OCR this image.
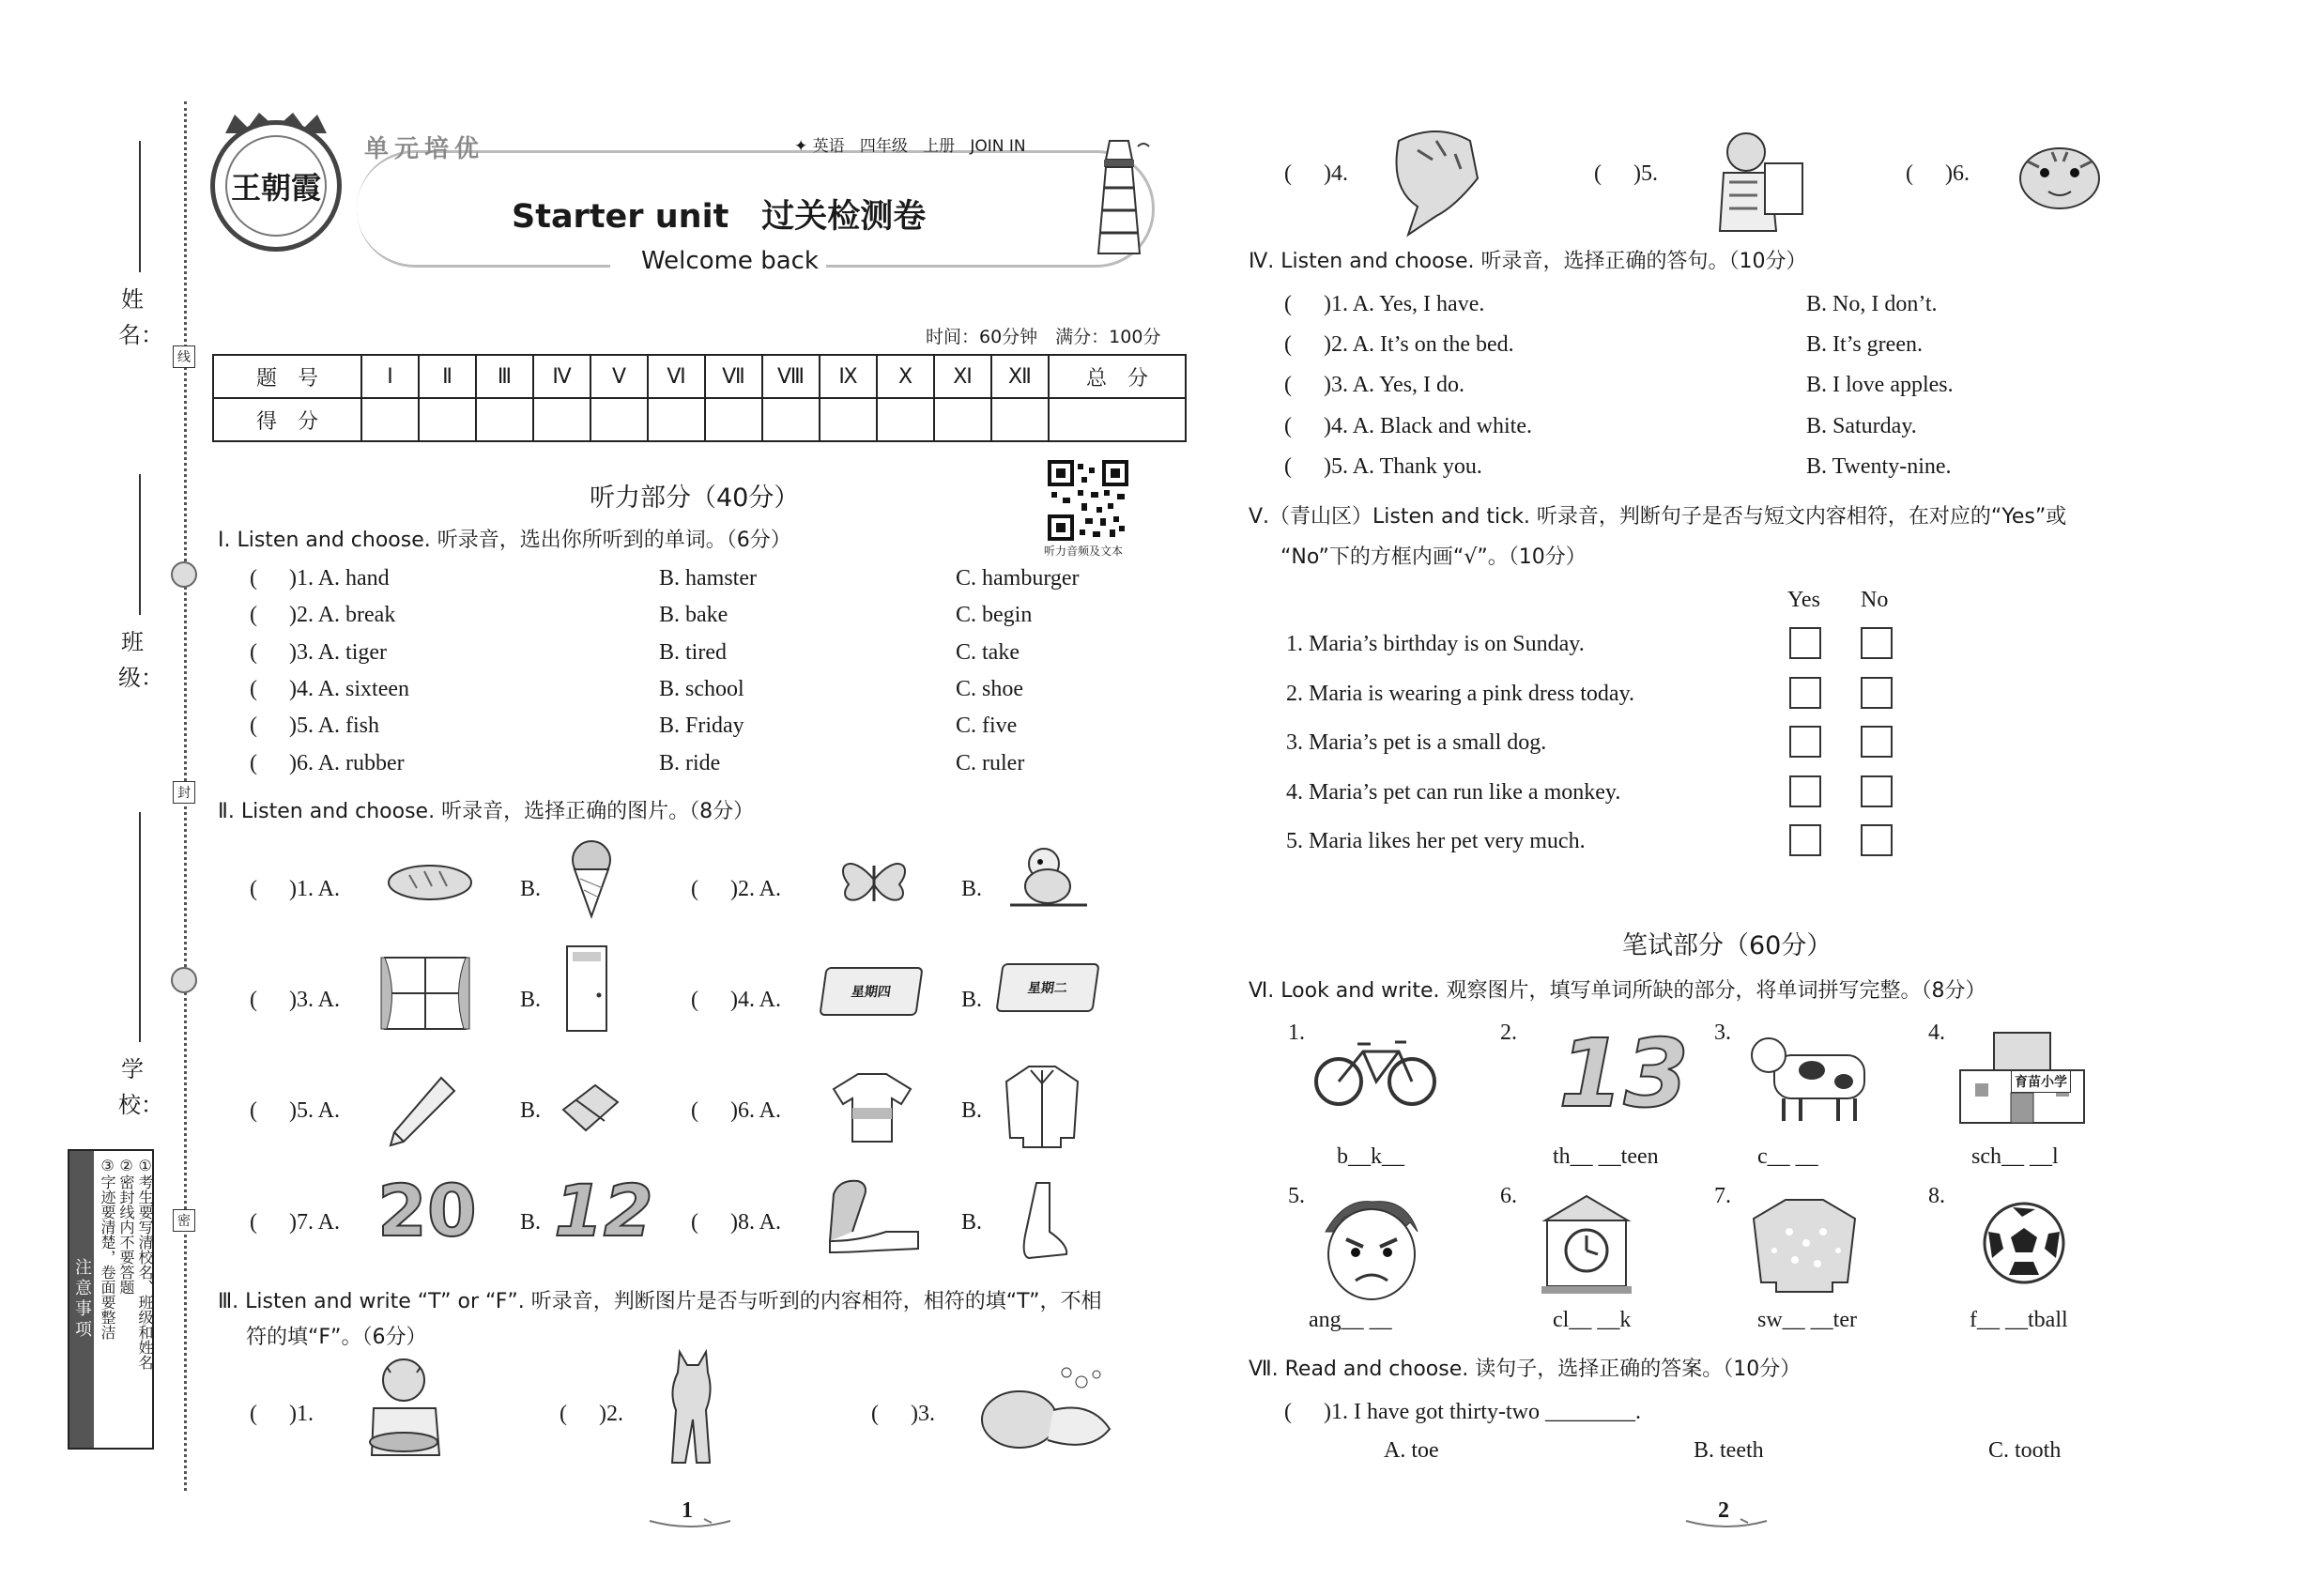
姓名：
班级：
学校：
线
封
密
注意事项	①考生要写清校名、班级和姓名
②密封线内不要答题
③字迹要清楚，卷面要整洁
王朝霞
单元培优	✦ 英语 四年级 上册 JOIN IN
Starter unit　过关检测卷
Welcome back
时间：60分钟　满分：100分
题　号	Ⅰ	Ⅱ	Ⅲ	Ⅳ	Ⅴ	Ⅵ	Ⅶ	Ⅷ	Ⅸ	Ⅹ	Ⅺ	Ⅻ	总　分
得　分													
听力部分（40分）
听力音频及文本
Ⅰ. Listen and choose. 听录音，选出你所听到的单词。（6分）
( )1. A. hand	B. hamster	C. hamburger
( )2. A. break	B. bake	C. begin
( )3. A. tiger	B. tired	C. take
( )4. A. sixteen	B. school	C. shoe
( )5. A. fish	B. Friday	C. five
( )6. A. rubber	B. ride	C. ruler
Ⅱ. Listen and choose. 听录音，选择正确的图片。（8分）
( )1. A.	B.	( )2. A.	B.
( )3. A.	B.	( )4. A.	星期四	B.	星期二
( )5. A.	B.	( )6. A.	B.
( )7. A. 20 B. 12 ( )8. A.	B.
Ⅲ. Listen and write “T” or “F”. 听录音，判断图片是否与听到的内容相符，相符的填“T”，不相
符的填“F”。（6分）
( )1.	( )2.	( )3.
( )4.	( )5.	( )6.
Ⅳ. Listen and choose. 听录音，选择正确的答句。（10分）
( )1. A. Yes, I have.	B. No, I don’t.
( )2. A. It’s on the bed.	B. It’s green.
( )3. A. Yes, I do.	B. I love apples.
( )4. A. Black and white.	B. Saturday.
( )5. A. Thank you.	B. Twenty-nine.
Ⅴ.（青山区）Listen and tick. 听录音，判断句子是否与短文内容相符，在对应的“Yes”或
“No”下的方框内画“√”。（10分）
Yes No
1. Maria’s birthday is on Sunday.
2. Maria is wearing a pink dress today.
3. Maria’s pet is a small dog.
4. Maria’s pet can run like a monkey.
5. Maria likes her pet very much.
笔试部分（60分）
Ⅵ. Look and write. 观察图片，填写单词所缺的部分，将单词拼写完整。（8分）
1.
b__k__
2. 13
th__ __teen
3.
c__ __
4.
育苗小学
sch__ __l
5.
ang__ __
6.
cl__ __k
7.
sw__ __ter
8.
f__ __tball
Ⅶ. Read and choose. 读句子，选择正确的答案。（10分）
( )1. I have got thirty-two ________.
A. toe	B. teeth	C. tooth
1	2
